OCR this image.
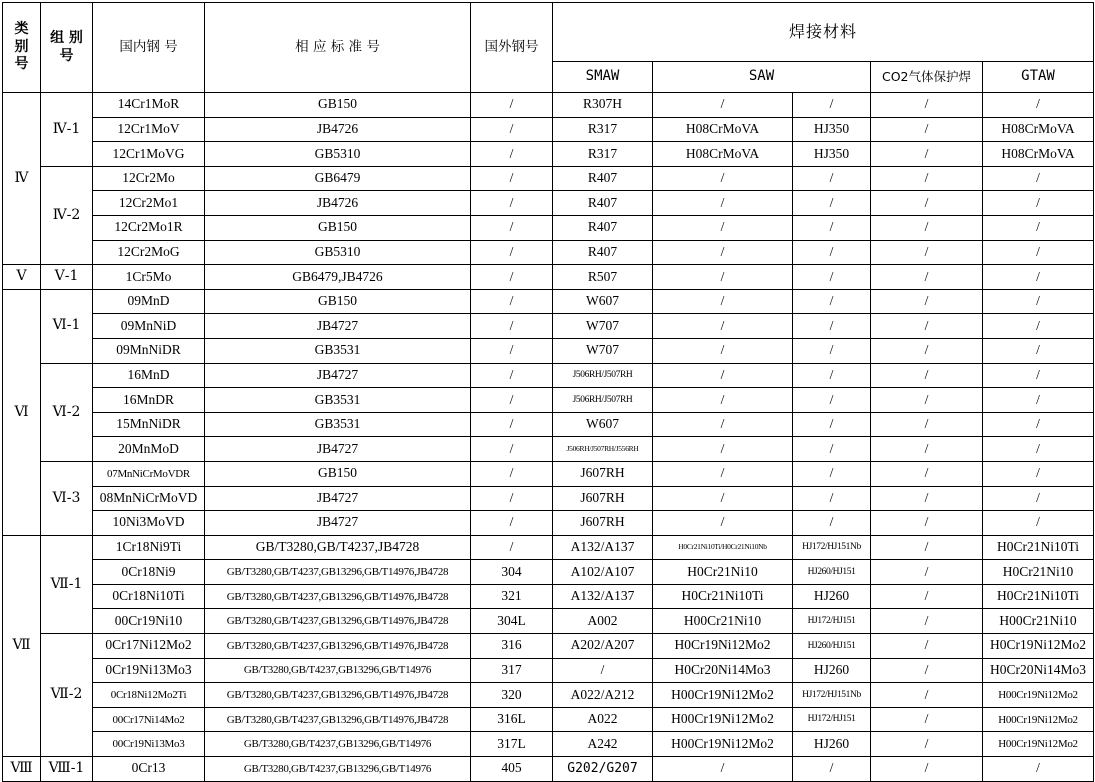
类
别
号	组 别
号	国内钢 号	相 应 标 准 号	国外钢号	焊接材料				
					SMAW	SAW		CO2气体保护焊	GTAW
Ⅳ	Ⅳ-1	14Cr1MoR	GB150	/	R307H	/	/	/	/
		12Cr1MoV	JB4726	/	R317	H08CrMoVA	HJ350	/	H08CrMoVA
		12Cr1MoVG	GB5310	/	R317	H08CrMoVA	HJ350	/	H08CrMoVA
	Ⅳ-2	12Cr2Mo	GB6479	/	R407	/	/	/	/
		12Cr2Mo1	JB4726	/	R407	/	/	/	/
		12Cr2Mo1R	GB150	/	R407	/	/	/	/
		12Cr2MoG	GB5310	/	R407	/	/	/	/
Ⅴ	Ⅴ-1	1Cr5Mo	GB6479,JB4726	/	R507	/	/	/	/
Ⅵ	Ⅵ-1	09MnD	GB150	/	W607	/	/	/	/
		09MnNiD	JB4727	/	W707	/	/	/	/
		09MnNiDR	GB3531	/	W707	/	/	/	/
	Ⅵ-2	16MnD	JB4727	/	J506RH/J507RH	/	/	/	/
		16MnDR	GB3531	/	J506RH/J507RH	/	/	/	/
		15MnNiDR	GB3531	/	W607	/	/	/	/
		20MnMoD	JB4727	/	J506RH/J507RH/J556RH	/	/	/	/
	Ⅵ-3	07MnNiCrMoVDR	GB150	/	J607RH	/	/	/	/
		08MnNiCrMoVD	JB4727	/	J607RH	/	/	/	/
		10Ni3MoVD	JB4727	/	J607RH	/	/	/	/
Ⅶ	Ⅶ-1	1Cr18Ni9Ti	GB/T3280,GB/T4237,JB4728	/	A132/A137	H0Cr21Ni10Ti/H0Cr21Ni10Nb	HJ172/HJ151Nb	/	H0Cr21Ni10Ti
		0Cr18Ni9	GB/T3280,GB/T4237,GB13296,GB/T14976,JB4728	304	A102/A107	H0Cr21Ni10	HJ260/HJ151	/	H0Cr21Ni10
		0Cr18Ni10Ti	GB/T3280,GB/T4237,GB13296,GB/T14976,JB4728	321	A132/A137	H0Cr21Ni10Ti	HJ260	/	H0Cr21Ni10Ti
		00Cr19Ni10	GB/T3280,GB/T4237,GB13296,GB/T14976,JB4728	304L	A002	H00Cr21Ni10	HJ172/HJ151	/	H00Cr21Ni10
	Ⅶ-2	0Cr17Ni12Mo2	GB/T3280,GB/T4237,GB13296,GB/T14976,JB4728	316	A202/A207	H0Cr19Ni12Mo2	HJ260/HJ151	/	H0Cr19Ni12Mo2
		0Cr19Ni13Mo3	GB/T3280,GB/T4237,GB13296,GB/T14976	317	/	H0Cr20Ni14Mo3	HJ260	/	H0Cr20Ni14Mo3
		0Cr18Ni12Mo2Ti	GB/T3280,GB/T4237,GB13296,GB/T14976,JB4728	320	A022/A212	H00Cr19Ni12Mo2	HJ172/HJ151Nb	/	H00Cr19Ni12Mo2
		00Cr17Ni14Mo2	GB/T3280,GB/T4237,GB13296,GB/T14976,JB4728	316L	A022	H00Cr19Ni12Mo2	HJ172/HJ151	/	H00Cr19Ni12Mo2
		00Cr19Ni13Mo3	GB/T3280,GB/T4237,GB13296,GB/T14976	317L	A242	H00Cr19Ni12Mo2	HJ260	/	H00Cr19Ni12Mo2
Ⅷ	Ⅷ-1	0Cr13	GB/T3280,GB/T4237,GB13296,GB/T14976	405	G202/G207	/	/	/	/
